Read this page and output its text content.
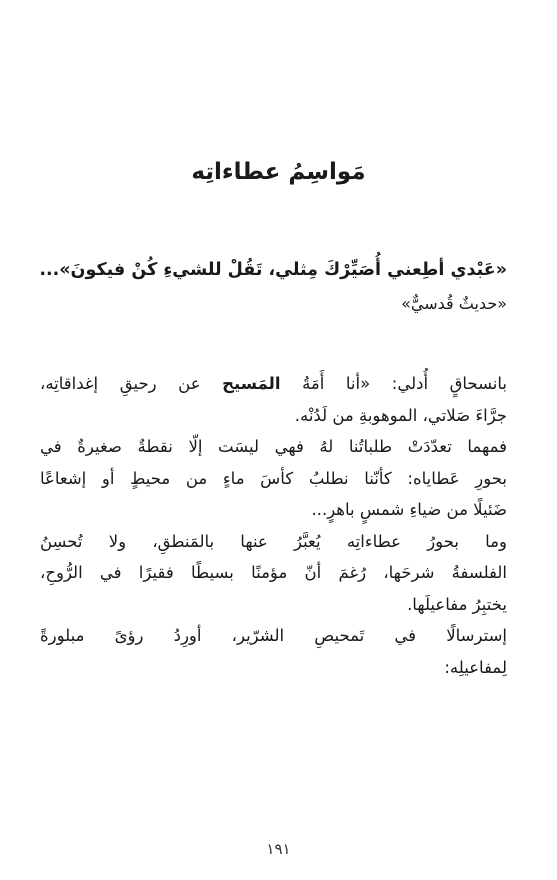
مَواسِمُ عطاءاتِه

«عَبْدي أطِعني أُصَيِّرْكَ مِثلي، تَقُلْ للشيءِ كُنْ فيكونَ»...

«حديثٌ قُدسيٌّ»

بانسحاقٍ أُدلي: «أنا أَمَةُ المَسيح عن رحيقِ إغداقاتِه،
جرَّاءَ صَلاتي، الموهوبةِ من لَدُنْه.
فمهما تعدّدَتْ طلباتُنا لهُ فهي ليسَت إلّا نقطةٌ صغيرةٌ في
بحورِ عَطاياه: كأنّنا نطلبُ كأسَ ماءٍ من محيطٍ أو إشعاعًا
ضَئيلًا من ضياءِ شمسٍ باهرٍ...
وما بحورُ عطاءاتِه يُعبَّرُ عنها بالمَنطقِ، ولا تُحسِنُ
الفلسفةُ شرحَها، رُغمَ أنّ مؤمنًا بسيطًا فقيرًا في الرُّوحِ،
يختبِرُ مفاعيلَها.
إسترسالًا في تَمحيصِ الشرّير، أورِدُ رؤىً مبلورةً
لِمفاعيلِه:
١٩١
